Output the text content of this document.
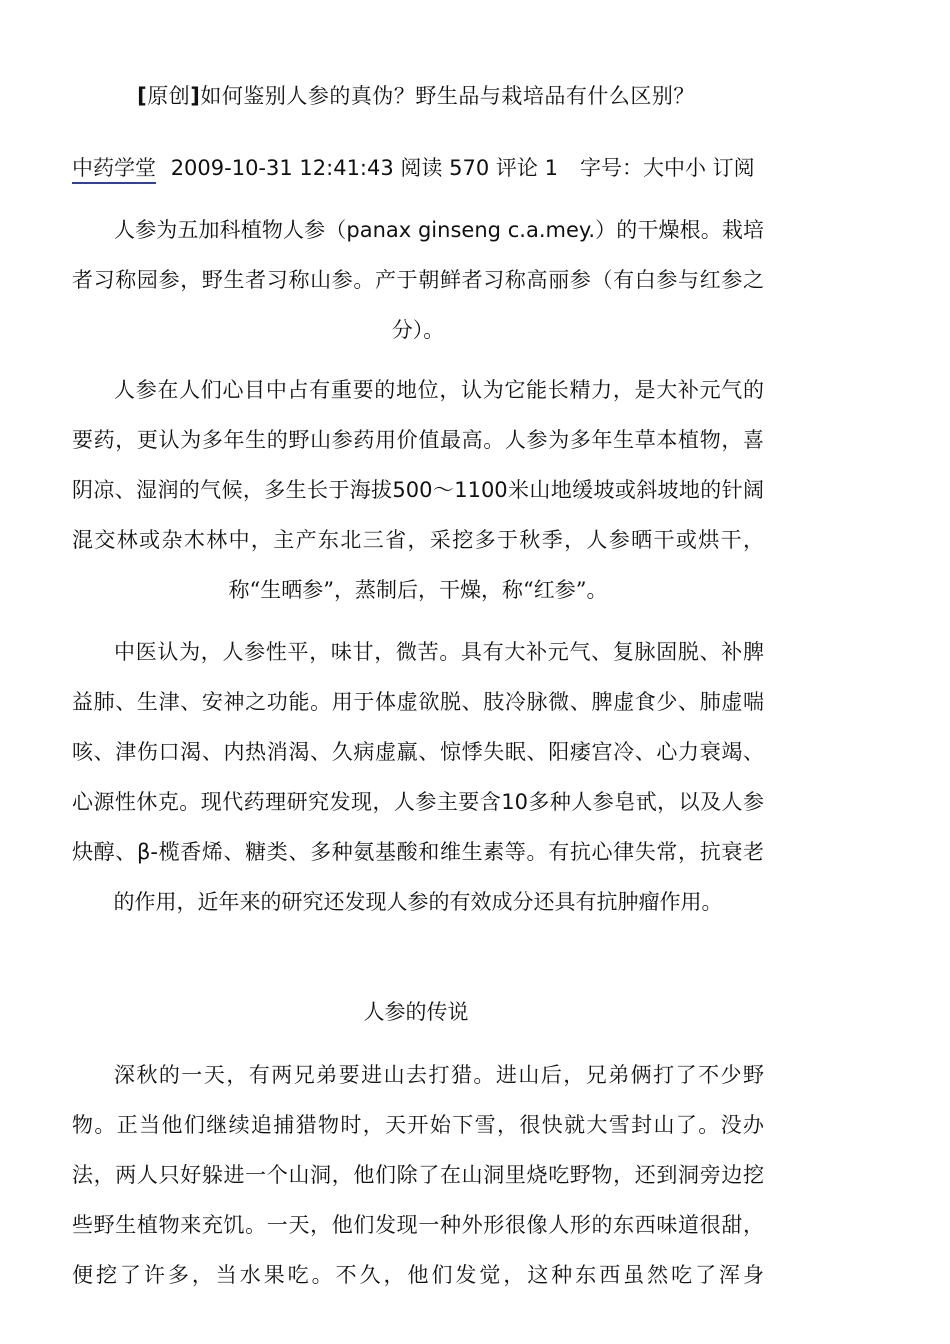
[原创]如何鉴别人参的真伪？野生品与栽培品有什么区别？
中药学堂 2009-10-31 12:41:43 阅读 570 评论 1 字号：大中小 订阅

人参为五加科植物人参（panax ginseng c.a.mey.）的干燥根。栽培者习称园参，野生者习称山参。产于朝鲜者习称高丽参（有白参与红参之分）。

人参在人们心目中占有重要的地位，认为它能长精力，是大补元气的要药，更认为多年生的野山参药用价值最高。人参为多年生草本植物，喜阴凉、湿润的气候，多生长于海拔500～1100米山地缓坡或斜坡地的针阔混交林或杂木林中，主产东北三省，采挖多于秋季，人参晒干或烘干，称“生晒参”，蒸制后，干燥，称“红参”。

中医认为，人参性平，味甘，微苦。具有大补元气、复脉固脱、补脾益肺、生津、安神之功能。用于体虚欲脱、肢冷脉微、脾虚食少、肺虚喘咳、津伤口渴、内热消渴、久病虚羸、惊悸失眠、阳痿宫冷、心力衰竭、心源性休克。现代药理研究发现，人参主要含10多种人参皂甙，以及人参炔醇、β-榄香烯、糖类、多种氨基酸和维生素等。有抗心律失常，抗衰老的作用，近年来的研究还发现人参的有效成分还具有抗肿瘤作用。

人参的传说

深秋的一天，有两兄弟要进山去打猎。进山后，兄弟俩打了不少野物。正当他们继续追捕猎物时，天开始下雪，很快就大雪封山了。没办法，两人只好躲进一个山洞，他们除了在山洞里烧吃野物，还到洞旁边挖些野生植物来充饥。一天，他们发现一种外形很像人形的东西味道很甜，便挖了许多，当水果吃。不久，他们发觉，这种东西虽然吃了浑身
